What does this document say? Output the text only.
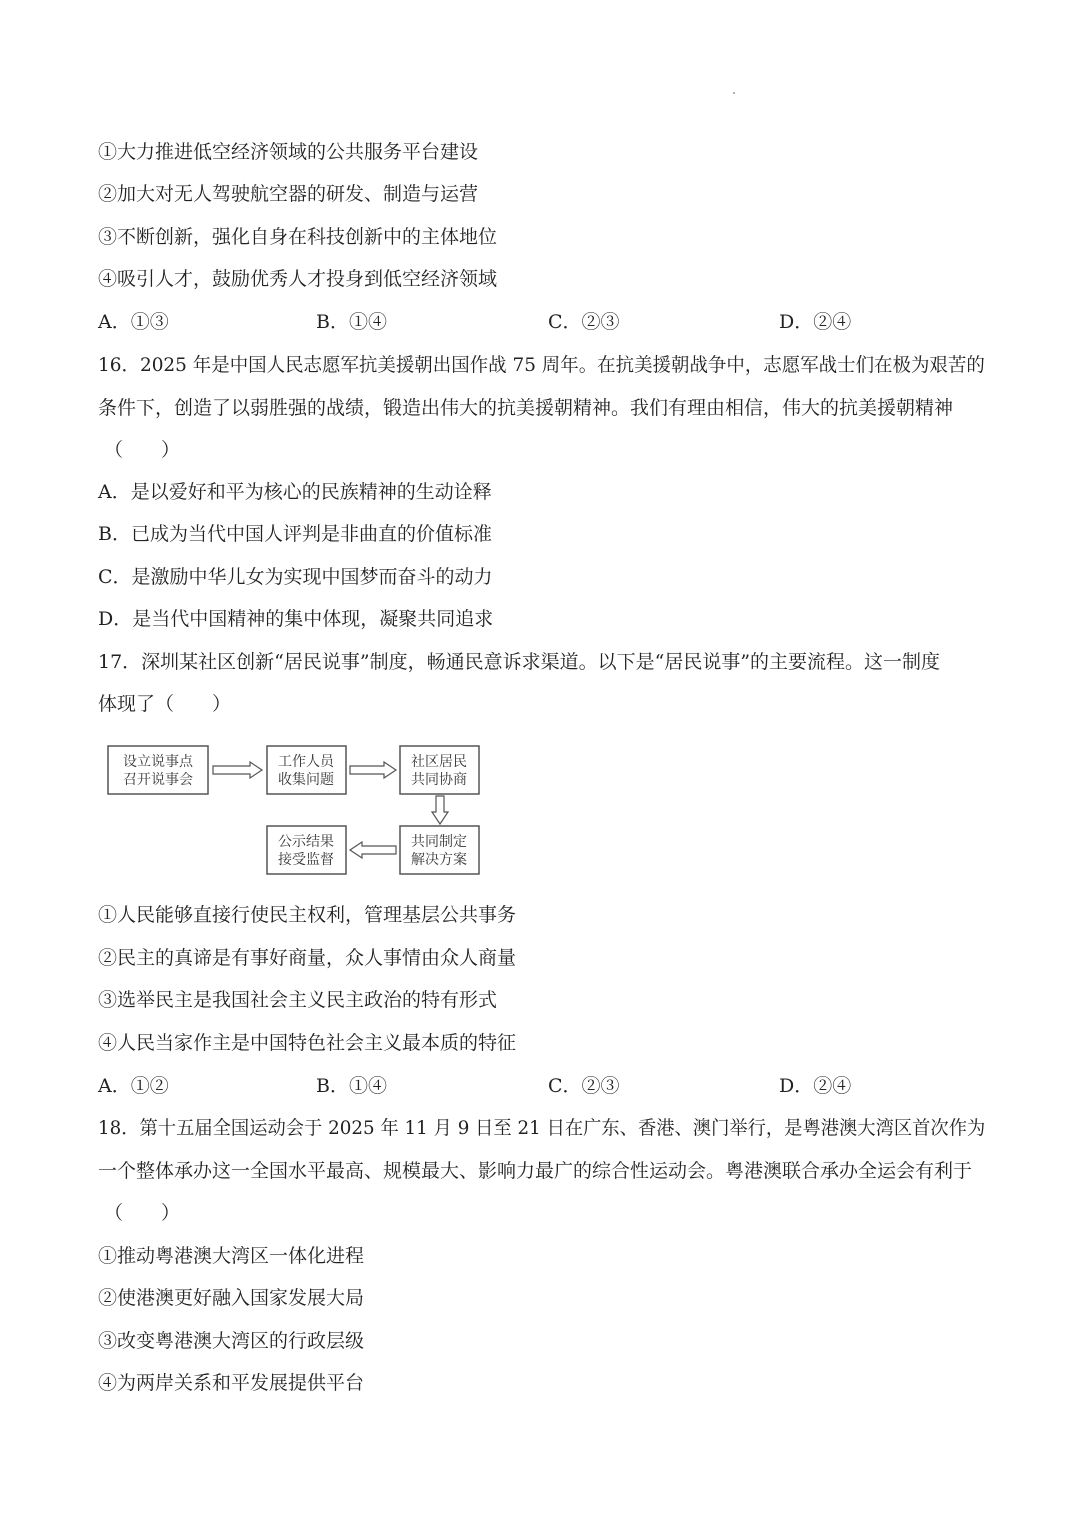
①大力推进低空经济领域的公共服务平台建设
②加大对无人驾驶航空器的研发、制造与运营
③不断创新，强化自身在科技创新中的主体地位
④吸引人才，鼓励优秀人才投身到低空经济领域
A．①③	B．①④	C．②③	D．②④
16．2025 年是中国人民志愿军抗美援朝出国作战 75 周年。在抗美援朝战争中，志愿军战士们在极为艰苦的
条件下，创造了以弱胜强的战绩，锻造出伟大的抗美援朝精神。我们有理由相信，伟大的抗美援朝精神
（　　）
A．是以爱好和平为核心的民族精神的生动诠释
B．已成为当代中国人评判是非曲直的价值标准
C．是激励中华儿女为实现中国梦而奋斗的动力
D．是当代中国精神的集中体现，凝聚共同追求
17．深圳某社区创新“居民说事”制度，畅通民意诉求渠道。以下是“居民说事”的主要流程。这一制度
体现了（　　）
设立说事点
召开说事会
工作人员
收集问题
社区居民
共同协商
共同制定
解决方案
公示结果
接受监督
①人民能够直接行使民主权利，管理基层公共事务
②民主的真谛是有事好商量，众人事情由众人商量
③选举民主是我国社会主义民主政治的特有形式
④人民当家作主是中国特色社会主义最本质的特征
A．①②	B．①④	C．②③	D．②④
18．第十五届全国运动会于 2025 年 11 月 9 日至 21 日在广东、香港、澳门举行，是粤港澳大湾区首次作为
一个整体承办这一全国水平最高、规模最大、影响力最广的综合性运动会。粤港澳联合承办全运会有利于
（　　）
①推动粤港澳大湾区一体化进程
②使港澳更好融入国家发展大局
③改变粤港澳大湾区的行政层级
④为两岸关系和平发展提供平台
